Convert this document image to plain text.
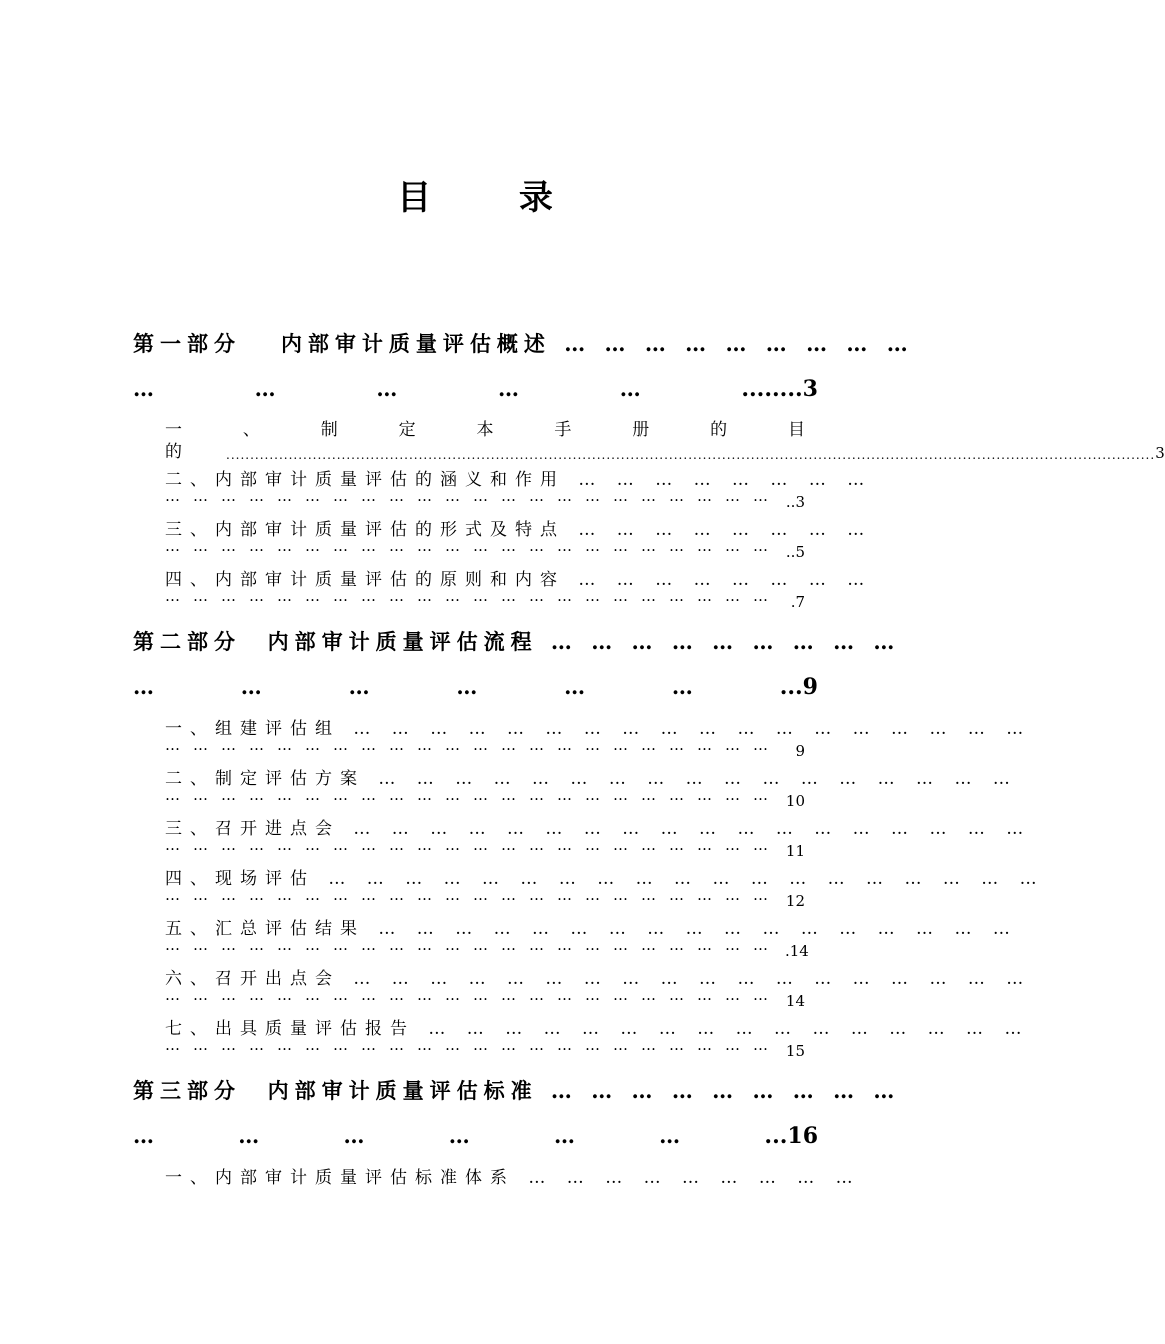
目 录
第一部分 内部审计质量评估概述 … … … … … … … … …
…	…	…	…	…	........3
一	、	制	定	本	手	册	的	目
的	................................................................................................................................................................................................. 3
二、内部审计质量评估的涵义和作用 … … … … … … … …
………………………………………………………… ..3
三、内部审计质量评估的形式及特点 … … … … … … … …
………………………………………………………… ..5
四、内部审计质量评估的原则和内容 … … … … … … … …
………………………………………………………… .7
第二部分 内部审计质量评估流程 … … … … … … … … …
…	…	…	…	…	…	...9
一、组建评估组 … … … … … … … … … … … … … … … … … …
………………………………………………………… 9
二、制定评估方案 … … … … … … … … … … … … … … … … …
………………………………………………………… 10
三、召开进点会 … … … … … … … … … … … … … … … … … …
………………………………………………………… 11
四、现场评估 … … … … … … … … … … … … … … … … … … …
………………………………………………………… 12
五、汇总评估结果 … … … … … … … … … … … … … … … … …
………………………………………………………… .14
六、召开出点会 … … … … … … … … … … … … … … … … … …
………………………………………………………… 14
七、出具质量评估报告 … … … … … … … … … … … … … … … …
………………………………………………………… 15
第三部分 内部审计质量评估标准 … … … … … … … … …
…	…	…	…	…	…	...16
一、内部审计质量评估标准体系 … … … … … … … … …
